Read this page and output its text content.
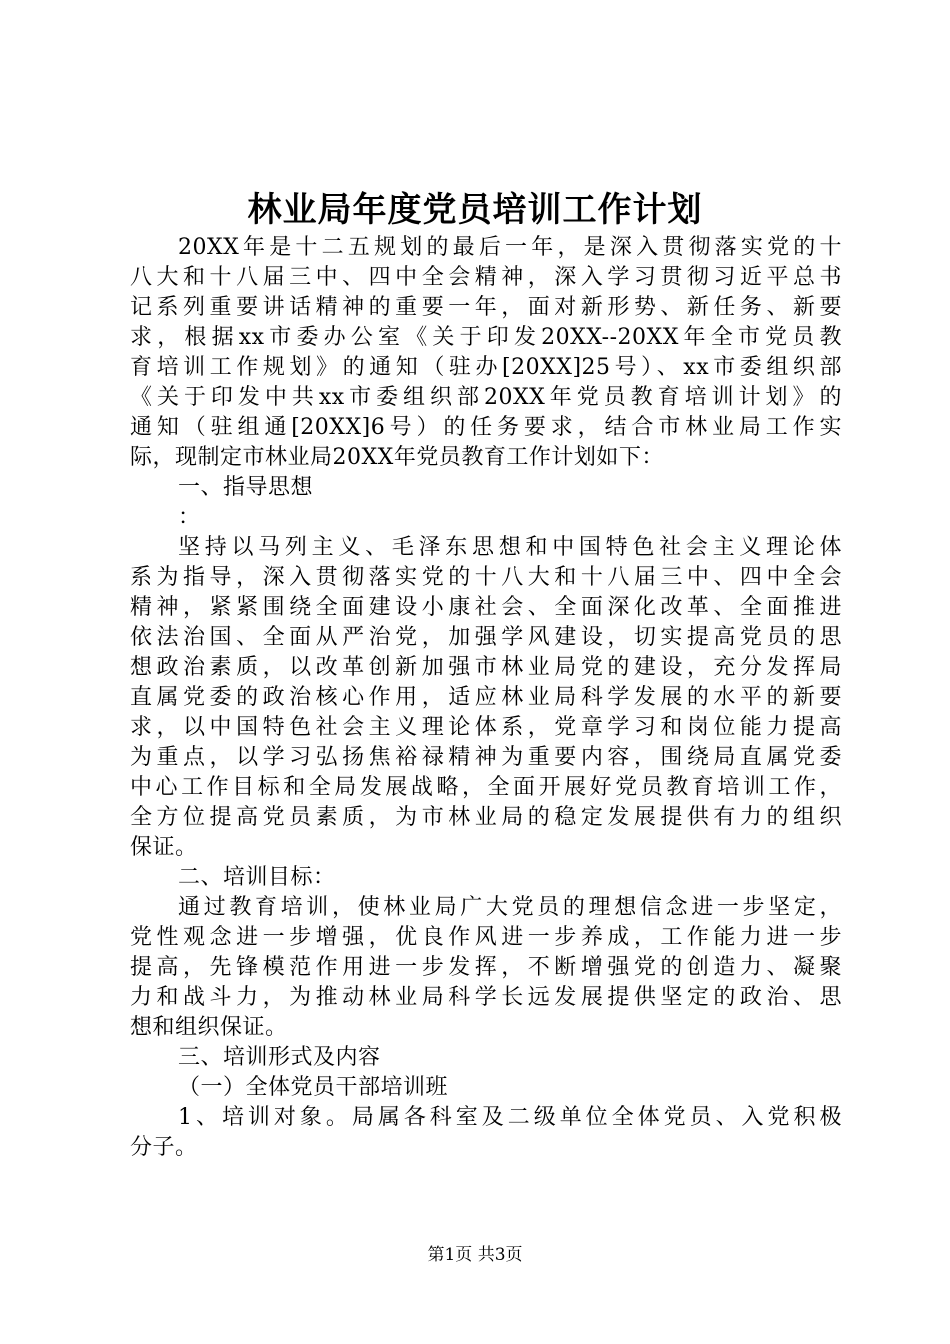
林业局年度党员培训工作计划
20XX年是十二五规划的最后一年，是深入贯彻落实党的十
八大和十八届三中、四中全会精神，深入学习贯彻习近平总书
记系列重要讲话精神的重要一年，面对新形势、新任务、新要
求，根据xx市委办公室《关于印发20XX--20XX年全市党员教
育培训工作规划》的通知（驻办[20XX]25号）、xx市委组织部
《关于印发中共xx市委组织部20XX年党员教育培训计划》的
通知（驻组通[20XX]6号）的任务要求，结合市林业局工作实
际，现制定市林业局20XX年党员教育工作计划如下：
一、指导思想
：
坚持以马列主义、毛泽东思想和中国特色社会主义理论体
系为指导，深入贯彻落实党的十八大和十八届三中、四中全会
精神，紧紧围绕全面建设小康社会、全面深化改革、全面推进
依法治国、全面从严治党，加强学风建设，切实提高党员的思
想政治素质，以改革创新加强市林业局党的建设，充分发挥局
直属党委的政治核心作用，适应林业局科学发展的水平的新要
求，以中国特色社会主义理论体系，党章学习和岗位能力提高
为重点，以学习弘扬焦裕禄精神为重要内容，围绕局直属党委
中心工作目标和全局发展战略，全面开展好党员教育培训工作，
全方位提高党员素质，为市林业局的稳定发展提供有力的组织
保证。
二、培训目标：
通过教育培训，使林业局广大党员的理想信念进一步坚定，
党性观念进一步增强，优良作风进一步养成，工作能力进一步
提高，先锋模范作用进一步发挥，不断增强党的创造力、凝聚
力和战斗力，为推动林业局科学长远发展提供坚定的政治、思
想和组织保证。
三、培训形式及内容
（一）全体党员干部培训班
1、培训对象。局属各科室及二级单位全体党员、入党积极
分子。
第1页 共3页
